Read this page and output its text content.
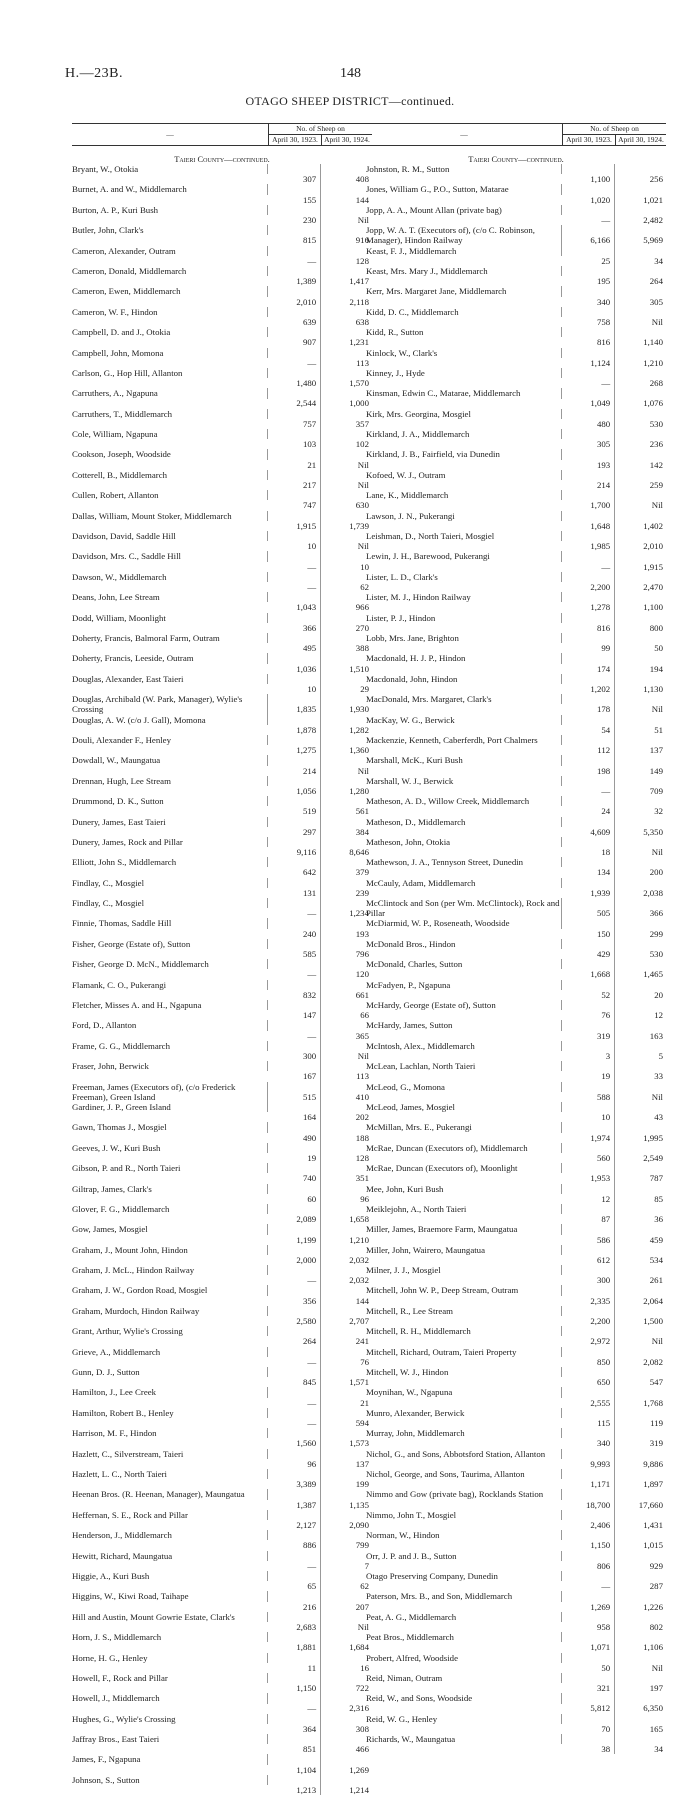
H.—23B.	148
OTAGO SHEEP DISTRICT—continued.
—	No. of Sheep on	
	April 30, 1923.	April 30, 1924.
Taieri County—continued.
Bryant, W., Otokia
307	408
Burnet, A. and W., Middlemarch
155	144
Burton, A. P., Kuri Bush
230	Nil
Butler, John, Clark's
815	916
Cameron, Alexander, Outram
—	128
Cameron, Donald, Middlemarch
1,389	1,417
Cameron, Ewen, Middlemarch
2,010	2,118
Cameron, W. F., Hindon
639	638
Campbell, D. and J., Otokia
907	1,231
Campbell, John, Momona
—	113
Carlson, G., Hop Hill, Allanton
1,480	1,570
Carruthers, A., Ngapuna
2,544	1,000
Carruthers, T., Middlemarch
757	357
Cole, William, Ngapuna
103	102
Cookson, Joseph, Woodside
21	Nil
Cotterell, B., Middlemarch
217	Nil
Cullen, Robert, Allanton
747	630
Dallas, William, Mount Stoker, Middlemarch
1,915	1,739
Davidson, David, Saddle Hill
10	Nil
Davidson, Mrs. C., Saddle Hill
—	10
Dawson, W., Middlemarch
—	62
Deans, John, Lee Stream
1,043	966
Dodd, William, Moonlight
366	270
Doherty, Francis, Balmoral Farm, Outram
495	388
Doherty, Francis, Leeside, Outram
1,036	1,510
Douglas, Alexander, East Taieri
10	29
Douglas, Archibald (W. Park, Manager), Wylie's Crossing	1,835	1,930
Douglas, A. W. (c/o J. Gall), Momona
1,878	1,282
Douli, Alexander F., Henley
1,275	1,360
Dowdall, W., Maungatua
214	Nil
Drennan, Hugh, Lee Stream
1,056	1,280
Drummond, D. K., Sutton
519	561
Dunery, James, East Taieri
297	384
Dunery, James, Rock and Pillar
9,116	8,646
Elliott, John S., Middlemarch
642	379
Findlay, C., Mosgiel
131	239
Findlay, C., Mosgiel
—	1,234
Finnie, Thomas, Saddle Hill
240	193
Fisher, George (Estate of), Sutton
585	796
Fisher, George D. McN., Middlemarch
—	120
Flamank, C. O., Pukerangi
832	661
Fletcher, Misses A. and H., Ngapuna
147	66
Ford, D., Allanton
—	365
Frame, G. G., Middlemarch
300	Nil
Fraser, John, Berwick
167	113
Freeman, James (Executors of), (c/o Frederick Freeman), Green Island	515	410
Gardiner, J. P., Green Island
164	202
Gawn, Thomas J., Mosgiel
490	188
Geeves, J. W., Kuri Bush
19	128
Gibson, P. and R., North Taieri
740	351
Giltrap, James, Clark's
60	96
Glover, F. G., Middlemarch
2,089	1,658
Gow, James, Mosgiel
1,199	1,210
Graham, J., Mount John, Hindon
2,000	2,032
Graham, J. McL., Hindon Railway
—	2,032
Graham, J. W., Gordon Road, Mosgiel
356	144
Graham, Murdoch, Hindon Railway
2,580	2,707
Grant, Arthur, Wylie's Crossing
264	241
Grieve, A., Middlemarch
—	76
Gunn, D. J., Sutton
845	1,571
Hamilton, J., Lee Creek
—	21
Hamilton, Robert B., Henley
—	594
Harrison, M. F., Hindon
1,560	1,573
Hazlett, C., Silverstream, Taieri
96	137
Hazlett, L. C., North Taieri
3,389	199
Heenan Bros. (R. Heenan, Manager), Maungatua
1,387	1,135
Heffernan, S. E., Rock and Pillar
2,127	2,090
Henderson, J., Middlemarch
886	799
Hewitt, Richard, Maungatua
—	7
Higgie, A., Kuri Bush
65	62
Higgins, W., Kiwi Road, Taihape
216	207
Hill and Austin, Mount Gowrie Estate, Clark's
2,683	Nil
Horn, J. S., Middlemarch
1,881	1,684
Horne, H. G., Henley
11	16
Howell, F., Rock and Pillar
1,150	722
Howell, J., Middlemarch
—	2,316
Hughes, G., Wylie's Crossing
364	308
Jaffray Bros., East Taieri
851	466
James, F., Ngapuna
1,104	1,269
Johnson, S., Sutton
1,213	1,214
—	No. of Sheep on	
	April 30, 1923.	April 30, 1924.
Taieri County—continued.
Johnston, R. M., Sutton
1,100	256
Jones, William G., P.O., Sutton, Matarae
1,020	1,021
Jopp, A. A., Mount Allan (private bag)
—	2,482
Jopp, W. A. T. (Executors of), (c/o C. Robinson, Manager), Hindon Railway	6,166	5,969
Keast, F. J., Middlemarch
25	34
Keast, Mrs. Mary J., Middlemarch
195	264
Kerr, Mrs. Margaret Jane, Middlemarch
340	305
Kidd, D. C., Middlemarch
758	Nil
Kidd, R., Sutton
816	1,140
Kinlock, W., Clark's
1,124	1,210
Kinney, J., Hyde
—	268
Kinsman, Edwin C., Matarae, Middlemarch
1,049	1,076
Kirk, Mrs. Georgina, Mosgiel
480	530
Kirkland, J. A., Middlemarch
305	236
Kirkland, J. B., Fairfield, via Dunedin
193	142
Kofoed, W. J., Outram
214	259
Lane, K., Middlemarch
1,700	Nil
Lawson, J. N., Pukerangi
1,648	1,402
Leishman, D., North Taieri, Mosgiel
1,985	2,010
Lewin, J. H., Barewood, Pukerangi
—	1,915
Lister, L. D., Clark's
2,200	2,470
Lister, M. J., Hindon Railway
1,278	1,100
Lister, P. J., Hindon
816	800
Lobb, Mrs. Jane, Brighton
99	50
Macdonald, H. J. P., Hindon
174	194
Macdonald, John, Hindon
1,202	1,130
MacDonald, Mrs. Margaret, Clark's
178	Nil
MacKay, W. G., Berwick
54	51
Mackenzie, Kenneth, Caberferdh, Port Chalmers
112	137
Marshall, McK., Kuri Bush
198	149
Marshall, W. J., Berwick
—	709
Matheson, A. D., Willow Creek, Middlemarch
24	32
Matheson, D., Middlemarch
4,609	5,350
Matheson, John, Otokia
18	Nil
Mathewson, J. A., Tennyson Street, Dunedin
134	200
McCauly, Adam, Middlemarch
1,939	2,038
McClintock and Son (per Wm. McClintock), Rock and Pillar	505	366
McDiarmid, W. P., Roseneath, Woodside
150	299
McDonald Bros., Hindon
429	530
McDonald, Charles, Sutton
1,668	1,465
McFadyen, P., Ngapuna
52	20
McHardy, George (Estate of), Sutton
76	12
McHardy, James, Sutton
319	163
McIntosh, Alex., Middlemarch
3	5
McLean, Lachlan, North Taieri
19	33
McLeod, G., Momona
588	Nil
McLeod, James, Mosgiel
10	43
McMillan, Mrs. E., Pukerangi
1,974	1,995
McRae, Duncan (Executors of), Middlemarch
560	2,549
McRae, Duncan (Executors of), Moonlight
1,953	787
Mee, John, Kuri Bush
12	85
Meiklejohn, A., North Taieri
87	36
Miller, James, Braemore Farm, Maungatua
586	459
Miller, John, Wairero, Maungatua
612	534
Milner, J. J., Mosgiel
300	261
Mitchell, John W. P., Deep Stream, Outram
2,335	2,064
Mitchell, R., Lee Stream
2,200	1,500
Mitchell, R. H., Middlemarch
2,972	Nil
Mitchell, Richard, Outram, Taieri Property
850	2,082
Mitchell, W. J., Hindon
650	547
Moynihan, W., Ngapuna
2,555	1,768
Munro, Alexander, Berwick
115	119
Murray, John, Middlemarch
340	319
Nichol, G., and Sons, Abbotsford Station, Allanton
9,993	9,886
Nichol, George, and Sons, Taurima, Allanton
1,171	1,897
Nimmo and Gow (private bag), Rocklands Station
18,700	17,660
Nimmo, John T., Mosgiel
2,406	1,431
Norman, W., Hindon
1,150	1,015
Orr, J. P. and J. B., Sutton
806	929
Otago Preserving Company, Dunedin
—	287
Paterson, Mrs. B., and Son, Middlemarch
1,269	1,226
Peat, A. G., Middlemarch
958	802
Peat Bros., Middlemarch
1,071	1,106
Probert, Alfred, Woodside
50	Nil
Reid, Niman, Outram
321	197
Reid, W., and Sons, Woodside
5,812	6,350
Reid, W. G., Henley
70	165
Richards, W., Maungatua
38	34
